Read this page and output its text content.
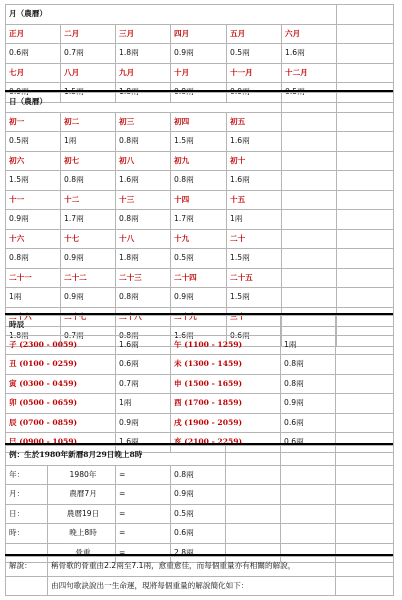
月（農曆）						
正月	二月	三月	四月	五月	六月	
0.6兩	0.7兩	1.8兩	0.9兩	0.5兩	1.6兩	
七月	八月	九月	十月	十一月	十二月	
0.9兩	1.5兩	1.8兩	0.8兩	0.9兩	0.5兩	
日（農曆）						
初一	初二	初三	初四	初五		
0.5兩	1兩	0.8兩	1.5兩	1.6兩		
初六	初七	初八	初九	初十		
1.5兩	0.8兩	1.6兩	0.8兩	1.6兩		
十一	十二	十三	十四	十五		
0.9兩	1.7兩	0.8兩	1.7兩	1兩		
十六	十七	十八	十九	二十		
0.8兩	0.9兩	1.8兩	0.5兩	1.5兩		
二十一	二十二	二十三	二十四	二十五		
1兩	0.9兩	0.8兩	0.9兩	1.5兩		
二十六	二十七	二十八	二十九	三十		
1.8兩	0.7兩	0.8兩	1.6兩	0.6兩		
時辰				
子 (2300 - 0059)	1.6兩	午 (1100 - 1259)	1兩	
丑 (0100 - 0259)	0.6兩	未 (1300 - 1459)	0.8兩	
寅 (0300 - 0459)	0.7兩	申 (1500 - 1659)	0.8兩	
卯 (0500 - 0659)	1兩	酉 (1700 - 1859)	0.9兩	
辰 (0700 - 0859)	0.9兩	戌 (1900 - 2059)	0.6兩	
巳 (0900 - 1059)	1.6兩	亥 (2100 - 2259)	0.6兩	
例：生於1980年新曆8月29日晚上8時						
年：	1980年	=	0.8兩			
月：	農曆7月	=	0.9兩			
日：	農曆19日	=	0.5兩			
時：	晚上8時	=	0.6兩			
	骨重	=	2.8兩			
解說：	稱骨歌的骨重由2.2兩至7.1兩，愈重愈佳，而每個重量亦有相關的解說，	
	由四句歌訣說出一生命運，現將每個重量的解說簡化如下：	
